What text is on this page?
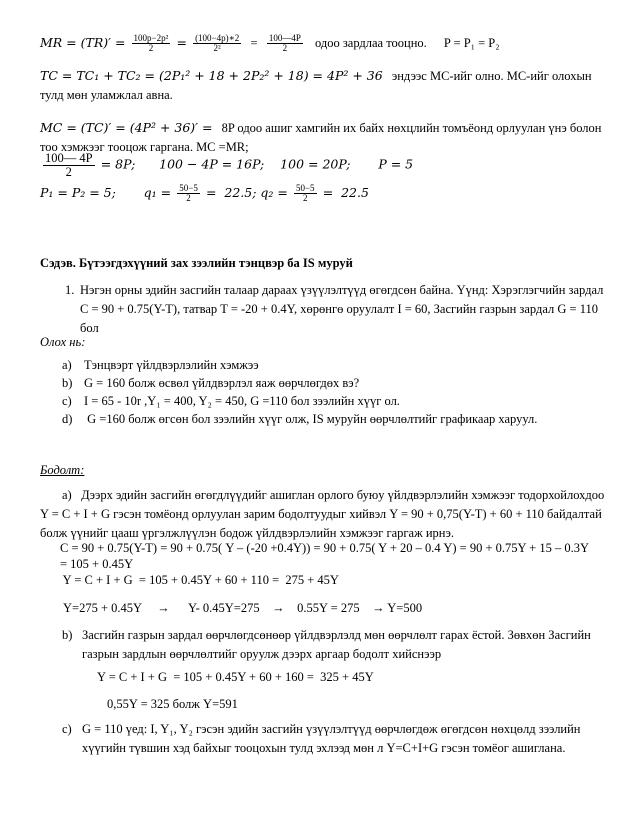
MR = $(TR)' = \frac{\text{100p−2p²}}{2} = \frac{(100-4p)∗2}{\text{2²}} = \frac{100—4P}{2}$ одоо зардлаа тооцно. P = P₁ = P₂
TC = TC₁ + TC₂ = (2P₁² + 18 + 2P₂² + 18) = 4P² + 36 эндээс МС-ийг олно. МС-ийг олохын тулд мөн уламжлал авна.
MC = (TC)′ = (4P² + 36)′ = 8P одоо ашиг хамгийн их байх нөхцлийн томъёонд орлуулан үнэ болон тоо хэмжээг тооцож гаргана. МС =MR;
$\frac{100— 4P}{2} = 8P$;      100 − 4P = 16P;    100 = 20P;       P = 5
P₁ = P₂ = 5;       $q_1 = \frac{50-5}{2} = 22.5$; $q_2 = \frac{50-5}{2} = 22.5$
Сэдэв. Бүтээгдэхүүний зах зээлийн тэнцвэр ба IS муруй
1. Нэгэн орны эдийн засгийн талаар дараах үзүүлэлтүүд өгөгдсөн байна. Үүнд: Хэрэглэгчийн зардал С = 90 + 0.75(Y-T), татвар T = -20 + 0.4Y, хөрөнгө оруулалт I = 60, Засгийн газрын зардал G = 110 бол
Олох нь:
a) Тэнцвэрт үйлдвэрлэлийн хэмжээ
b) G = 160 болж өсвөл үйлдвэрлэл яаж өөрчлөгдөх вэ?
c) I = 65 - 10r ,Y₁ = 400, Y₂ = 450, G =110 бол зээлийн хүүг ол.
d) G =160 болж өгсөн бол зээлийн хүүг олж, IS муруйн өөрчлөлтийг графикаар харуул.
Бодолт:
a) Дээрх эдийн засгийн өгөгдлүүдийг ашиглан орлого буюу үйлдвэрлэлийн хэмжээг тодорхойлохдоо Y = C + I + G гэсэн томёонд орлуулан зарим бодолтуудыг хийвэл Y = 90 + 0,75(Y-T) + 60 + 110 байдалтай болж үүнийг цааш үргэлжлүүлэн бодож үйлдвэрлэлийн хэмжээг гаргаж ирнэ.
С = 90 + 0.75(Y-T) = 90 + 0.75( Y – (-20 +0.4Y)) = 90 + 0.75( Y + 20 – 0.4 Y) = 90 + 0.75Y + 15 – 0.3Y
= 105 + 0.45Y
Y = C + I + G  = 105 + 0.45Y + 60 + 110 =  275 + 45Y
Y=275 + 0.45Y     →      Y- 0.45Y=275    →    0.55Y = 275    → Y=500
b) Засгийн газрын зардал өөрчлөгдсөнөөр үйлдвэрлэлд мөн өөрчлөлт гарах ёстой. Зөвхөн Засгийн газрын зардлын өөрчлөлтийг оруулж дээрх аргаар бодолт хийснээр
Y = C + I + G  = 105 + 0.45Y + 60 + 160 =  325 + 45Y
0,55Y = 325 болж Y=591
c) G = 110 үед: I, Y₁, Y₂ гэсэн эдийн засгийн үзүүлэлтүүд өөрчлөгдөж өгөгдсөн нөхцөлд зээлийн хүүгийн түвшин хэд байхыг тооцохын тулд эхлээд мөн л Y=C+I+G гэсэн томёог ашиглана.
